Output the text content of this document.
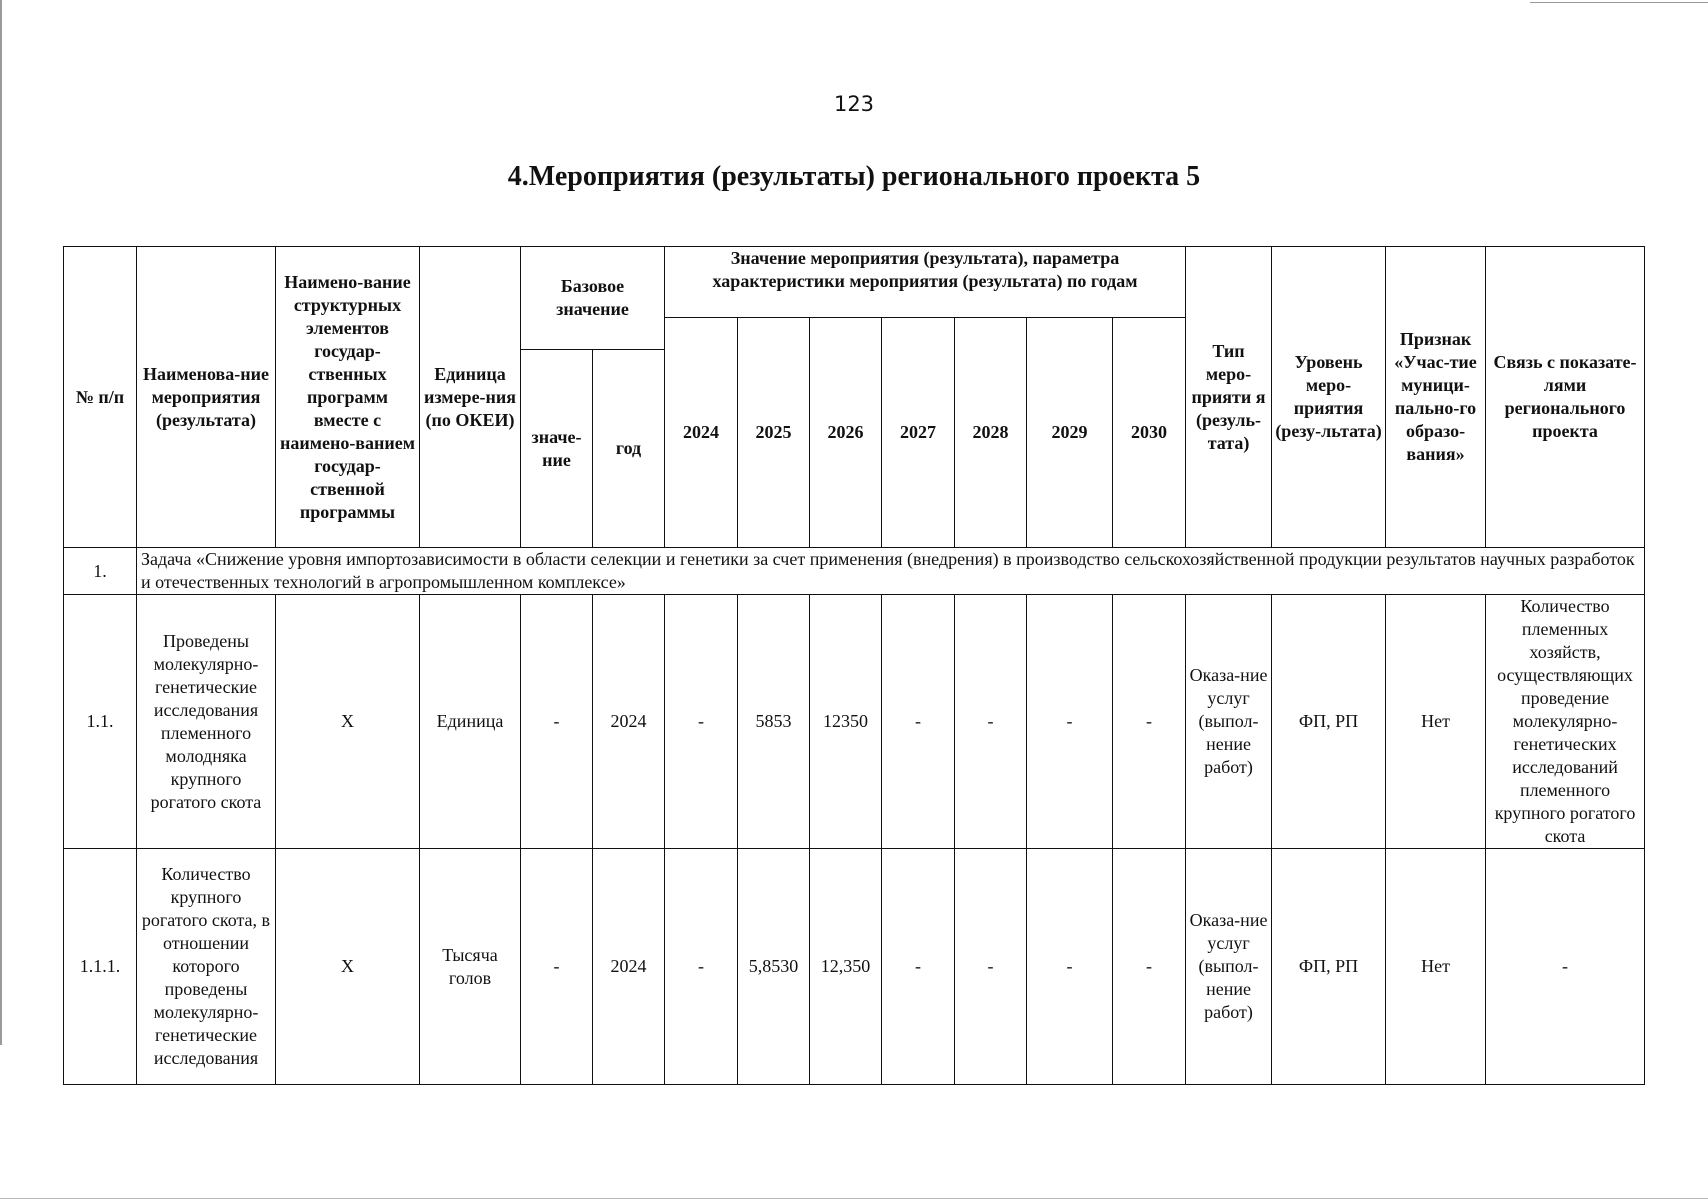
123
4.Мероприятия (результаты) регионального проекта 5
№ п/п	Наименова-ние мероприятия (результата)	Наимено-вание структурных элементов государ-ственных программ вместе с наимено-ванием государ-ственной программы	Единица измере-ния (по ОКЕИ)	Базовое значение		Значение мероприятия (результата), параметра характеристики мероприятия (результата) по годам							Тип меро-прияти я (резуль-тата)	Уровень меро-приятия (резу-льтата)	Признак «Учас-тие муници-пально-го образо-вания»	Связь с показате-лями регионального проекта
						2024	2025	2026	2027	2028	2029	2030				
				значе-ние	год											
1.	Задача «Снижение уровня импортозависимости в области селекции и генетики за счет применения (внедрения) в производство сельскохозяйственной продукции результатов научных разработок и отечественных технологий в агропромышленном комплексе»															
1.1.	Проведены молекулярно-генетические исследования племенного молодняка крупного рогатого скота	Х	Единица	-	2024	-	5853	12350	-	-	-	-	Оказа-ние услуг (выпол-нение работ)	ФП, РП	Нет	Количество племенных хозяйств, осуществляющих проведение молекулярно-генетических исследований племенного крупного рогатого скота
1.1.1.	Количество крупного рогатого скота, в отношении которого проведены молекулярно-генетические исследования	Х	Тысяча голов	-	2024	-	5,8530	12,350	-	-	-	-	Оказа-ние услуг (выпол-нение работ)	ФП, РП	Нет	-
